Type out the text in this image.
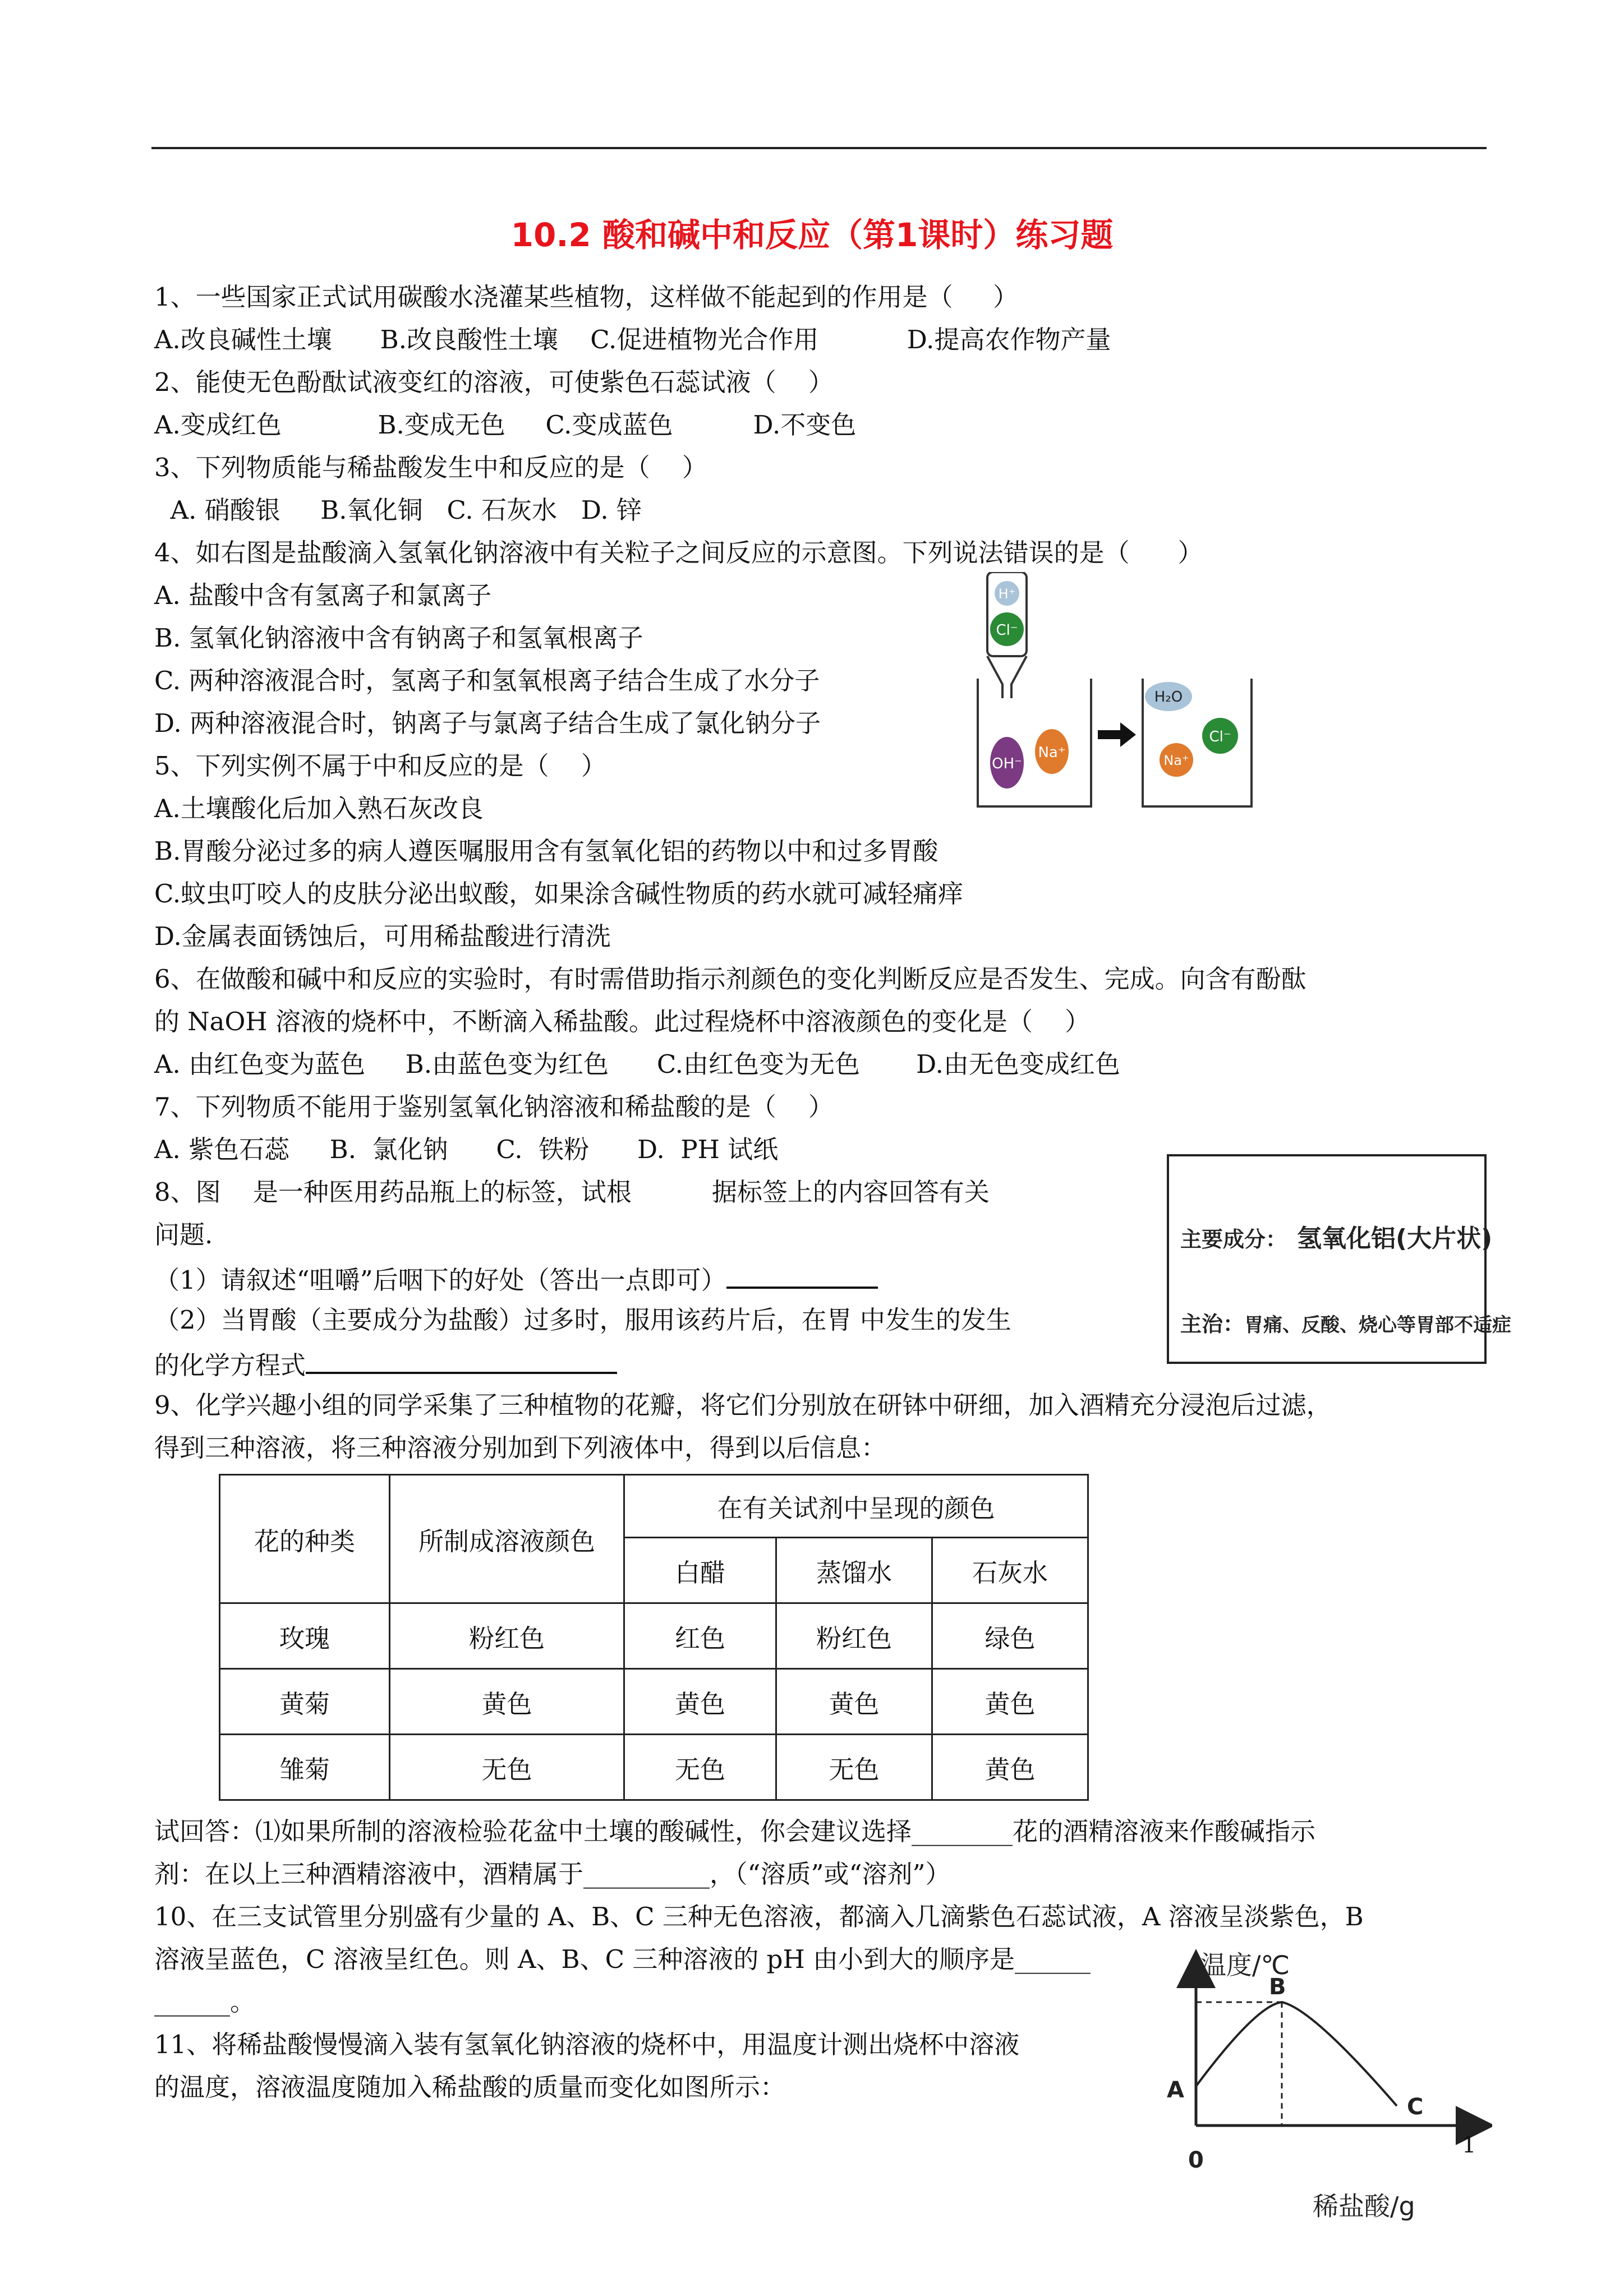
10.2 酸和碱中和反应（第1课时）练习题

1、一些国家正式试用碳酸水浇灌某些植物，这样做不能起到的作用是（     ）

A.改良碱性土壤      B.改良酸性土壤    C.促进植物光合作用           D.提高农作物产量

2、能使无色酚酞试液变红的溶液，可使紫色石蕊试液（    ）

A.变成红色            B.变成无色     C.变成蓝色          D.不变色

3、下列物质能与稀盐酸发生中和反应的是（    ）

A. 硝酸银     B.氧化铜   C. 石灰水   D. 锌

4、如右图是盐酸滴入氢氧化钠溶液中有关粒子之间反应的示意图。下列说法错误的是（      ）

A. 盐酸中含有氢离子和氯离子

B. 氢氧化钠溶液中含有钠离子和氢氧根离子

C. 两种溶液混合时，氢离子和氢氧根离子结合生成了水分子

D. 两种溶液混合时，钠离子与氯离子结合生成了氯化钠分子

5、下列实例不属于中和反应的是（    ）

A.土壤酸化后加入熟石灰改良

B.胃酸分泌过多的病人遵医嘱服用含有氢氧化铝的药物以中和过多胃酸

C.蚊虫叮咬人的皮肤分泌出蚁酸，如果涂含碱性物质的药水就可减轻痛痒

D.金属表面锈蚀后，可用稀盐酸进行清洗

6、在做酸和碱中和反应的实验时，有时需借助指示剂颜色的变化判断反应是否发生、完成。向含有酚酞

的 NaOH 溶液的烧杯中，不断滴入稀盐酸。此过程烧杯中溶液颜色的变化是（    ）

A. 由红色变为蓝色     B.由蓝色变为红色      C.由红色变为无色       D.由无色变成红色

7、下列物质不能用于鉴别氢氧化钠溶液和稀盐酸的是（    ）

A. 紫色石蕊     B.  氯化钠      C.  铁粉      D.  PH 试纸

8、图    是一种医用药品瓶上的标签，试根          据标签上的内容回答有关

问题.

（1）请叙述“咀嚼”后咽下的好处（答出一点即可）

（2）当胃酸（主要成分为盐酸）过多时，服用该药片后，在胃 中发生的发生

的化学方程式

9、化学兴趣小组的同学采集了三种植物的花瓣，将它们分别放在研钵中研细，加入酒精充分浸泡后过滤，

得到三种溶液，将三种溶液分别加到下列液体中，得到以后信息：

花的种类	所制成溶液颜色	在有关试剂中呈现的颜色		
		白醋	蒸馏水	石灰水
玫瑰	粉红色	红色	粉红色	绿色
黄菊	黄色	黄色	黄色	黄色
雏菊	无色	无色	无色	黄色

试回答：⑴如果所制的溶液检验花盆中土壤的酸碱性，你会建议选择________花的酒精溶液来作酸碱指示

剂：在以上三种酒精溶液中，酒精属于__________，（“溶质”或“溶剂”）

10、在三支试管里分别盛有少量的 A、B、C 三种无色溶液，都滴入几滴紫色石蕊试液，A 溶液呈淡紫色，B

溶液呈蓝色，C 溶液呈红色。则 A、B、C 三种溶液的 pH 由小到大的顺序是______

______。

11、将稀盐酸慢慢滴入装有氢氧化钠溶液的烧杯中，用温度计测出烧杯中溶液

的温度，溶液温度随加入稀盐酸的质量而变化如图所示：

H⁺
Cl⁻
OH⁻
Na⁺
H₂O
Cl⁻
Na⁺
主要成分： 氢氧化铝(大片状)
主治：胃痛、反酸、烧心等胃部不适症
温度/℃
稀盐酸/g
0
A
B
C
1
